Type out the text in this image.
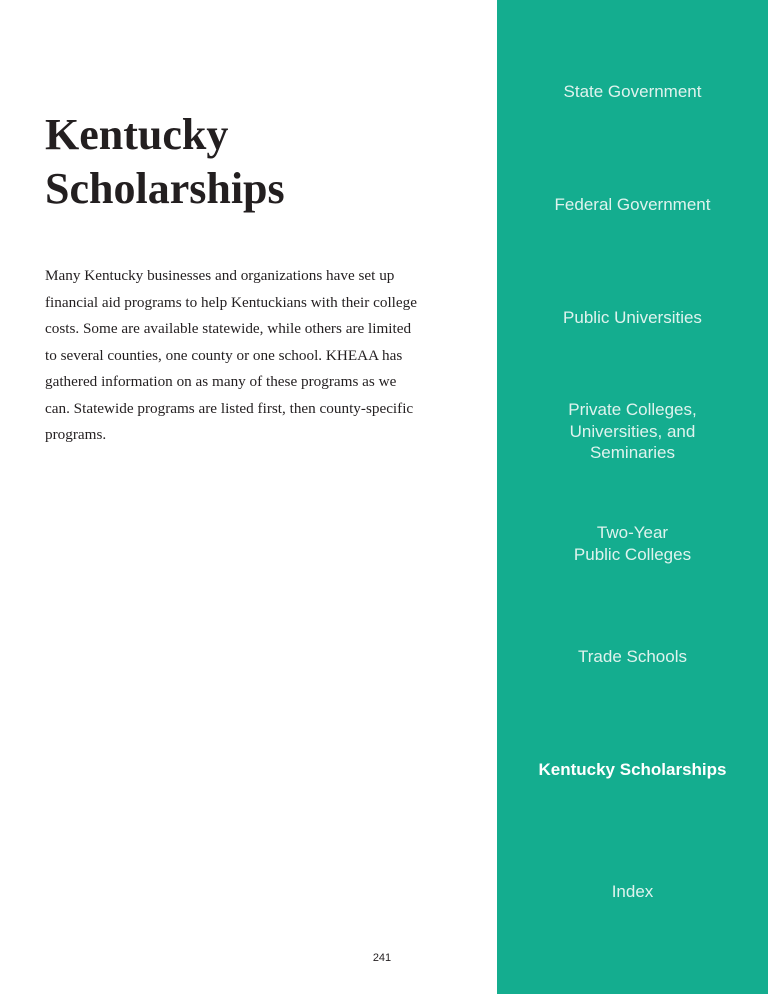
Kentucky
Scholarships
Many Kentucky businesses and organizations have set up
financial aid programs to help Kentuckians with their college
costs. Some are available statewide, while others are limited
to several counties, one county or one school. KHEAA has
gathered information on as many of these programs as we
can. Statewide programs are listed first, then county-specific
programs.
241
State Government
Federal Government
Public Universities
Private Colleges,
Universities, and
Seminaries
Two-Year
Public Colleges
Trade Schools
Kentucky Scholarships
Index
